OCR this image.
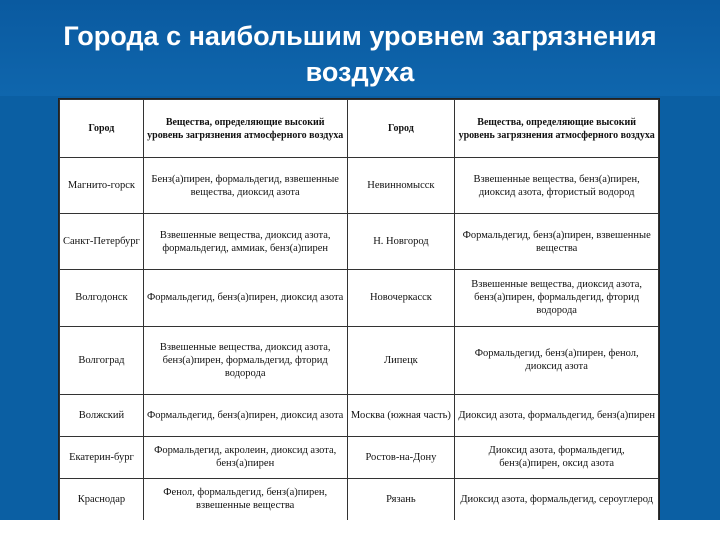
Города с наибольшим уровнем загрязнения
воздуха
Город	Вещества, определяющие высокий уровень загрязнения атмосферного воздуха	Город	Вещества, определяющие высокий уровень загрязнения атмосферного воздуха
Магнито-горск	Бенз(а)пирен, формальдегид, взвешенные вещества, диоксид азота	Невинномысск	Взвешенные вещества, бенз(а)пирен, диоксид азота, фтористый водород
Санкт-Петербург	Взвешенные вещества, диоксид азота, формальдегид, аммиак, бенз(а)пирен	Н. Новгород	Формальдегид, бенз(а)пирен, взвешенные вещества
Волгодонск	Формальдегид, бенз(а)пирен, диоксид азота	Новочеркасск	Взвешенные вещества, диоксид азота, бенз(а)пирен, формальдегид, фторид водорода
Волгоград	Взвешенные вещества, диоксид азота, бенз(а)пирен, формальдегид, фторид водорода	Липецк	Формальдегид, бенз(а)пирен, фенол, диоксид азота
Волжский	Формальдегид, бенз(а)пирен, диоксид азота	Москва (южная часть)	Диоксид азота, формальдегид, бенз(а)пирен
Екатерин-бург	Формальдегид, акролеин, диоксид азота, бенз(а)пирен	Ростов-на-Дону	Диоксид азота, формальдегид, бенз(а)пирен, оксид азота
Краснодар	Фенол, формальдегид, бенз(а)пирен, взвешенные вещества	Рязань	Диоксид азота, формальдегид, сероуглерод
